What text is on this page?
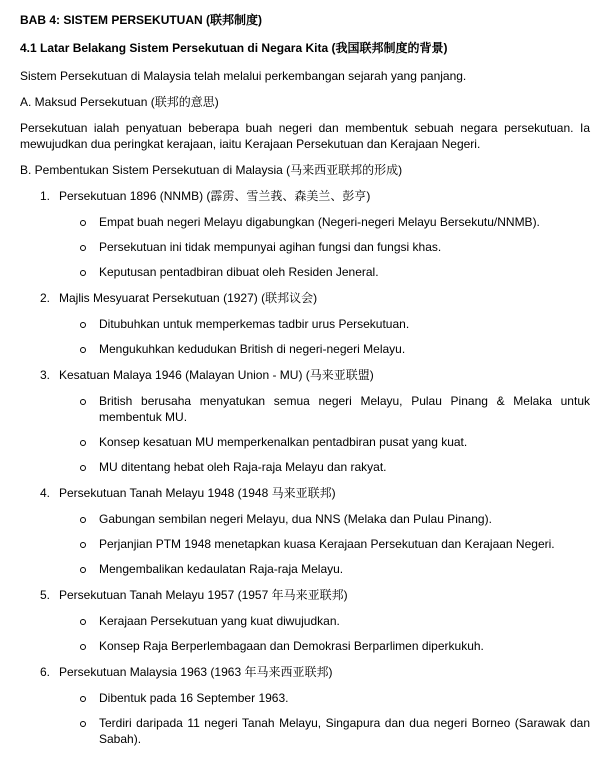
BAB 4: SISTEM PERSEKUTUAN (联邦制度)
4.1 Latar Belakang Sistem Persekutuan di Negara Kita (我国联邦制度的背景)
Sistem Persekutuan di Malaysia telah melalui perkembangan sejarah yang panjang.
A. Maksud Persekutuan (联邦的意思)
Persekutuan ialah penyatuan beberapa buah negeri dan membentuk sebuah negara persekutuan. Ia mewujudkan dua peringkat kerajaan, iaitu Kerajaan Persekutuan dan Kerajaan Negeri.
B. Pembentukan Sistem Persekutuan di Malaysia (马来西亚联邦的形成)
1. Persekutuan 1896 (NNMB) (霹雳、雪兰莪、森美兰、彭亨)
Empat buah negeri Melayu digabungkan (Negeri-negeri Melayu Bersekutu/NNMB).
Persekutuan ini tidak mempunyai agihan fungsi dan fungsi khas.
Keputusan pentadbiran dibuat oleh Residen Jeneral.
2. Majlis Mesyuarat Persekutuan (1927) (联邦议会)
Ditubuhkan untuk memperkemas tadbir urus Persekutuan.
Mengukuhkan kedudukan British di negeri-negeri Melayu.
3. Kesatuan Malaya 1946 (Malayan Union - MU) (马来亚联盟)
British berusaha menyatukan semua negeri Melayu, Pulau Pinang & Melaka untuk membentuk MU.
Konsep kesatuan MU memperkenalkan pentadbiran pusat yang kuat.
MU ditentang hebat oleh Raja-raja Melayu dan rakyat.
4. Persekutuan Tanah Melayu 1948 (1948 马来亚联邦)
Gabungan sembilan negeri Melayu, dua NNS (Melaka dan Pulau Pinang).
Perjanjian PTM 1948 menetapkan kuasa Kerajaan Persekutuan dan Kerajaan Negeri.
Mengembalikan kedaulatan Raja-raja Melayu.
5. Persekutuan Tanah Melayu 1957 (1957 年马来亚联邦)
Kerajaan Persekutuan yang kuat diwujudkan.
Konsep Raja Berperlembagaan dan Demokrasi Berparlimen diperkukuh.
6. Persekutuan Malaysia 1963 (1963 年马来西亚联邦)
Dibentuk pada 16 September 1963.
Terdiri daripada 11 negeri Tanah Melayu, Singapura dan dua negeri Borneo (Sarawak dan Sabah).
